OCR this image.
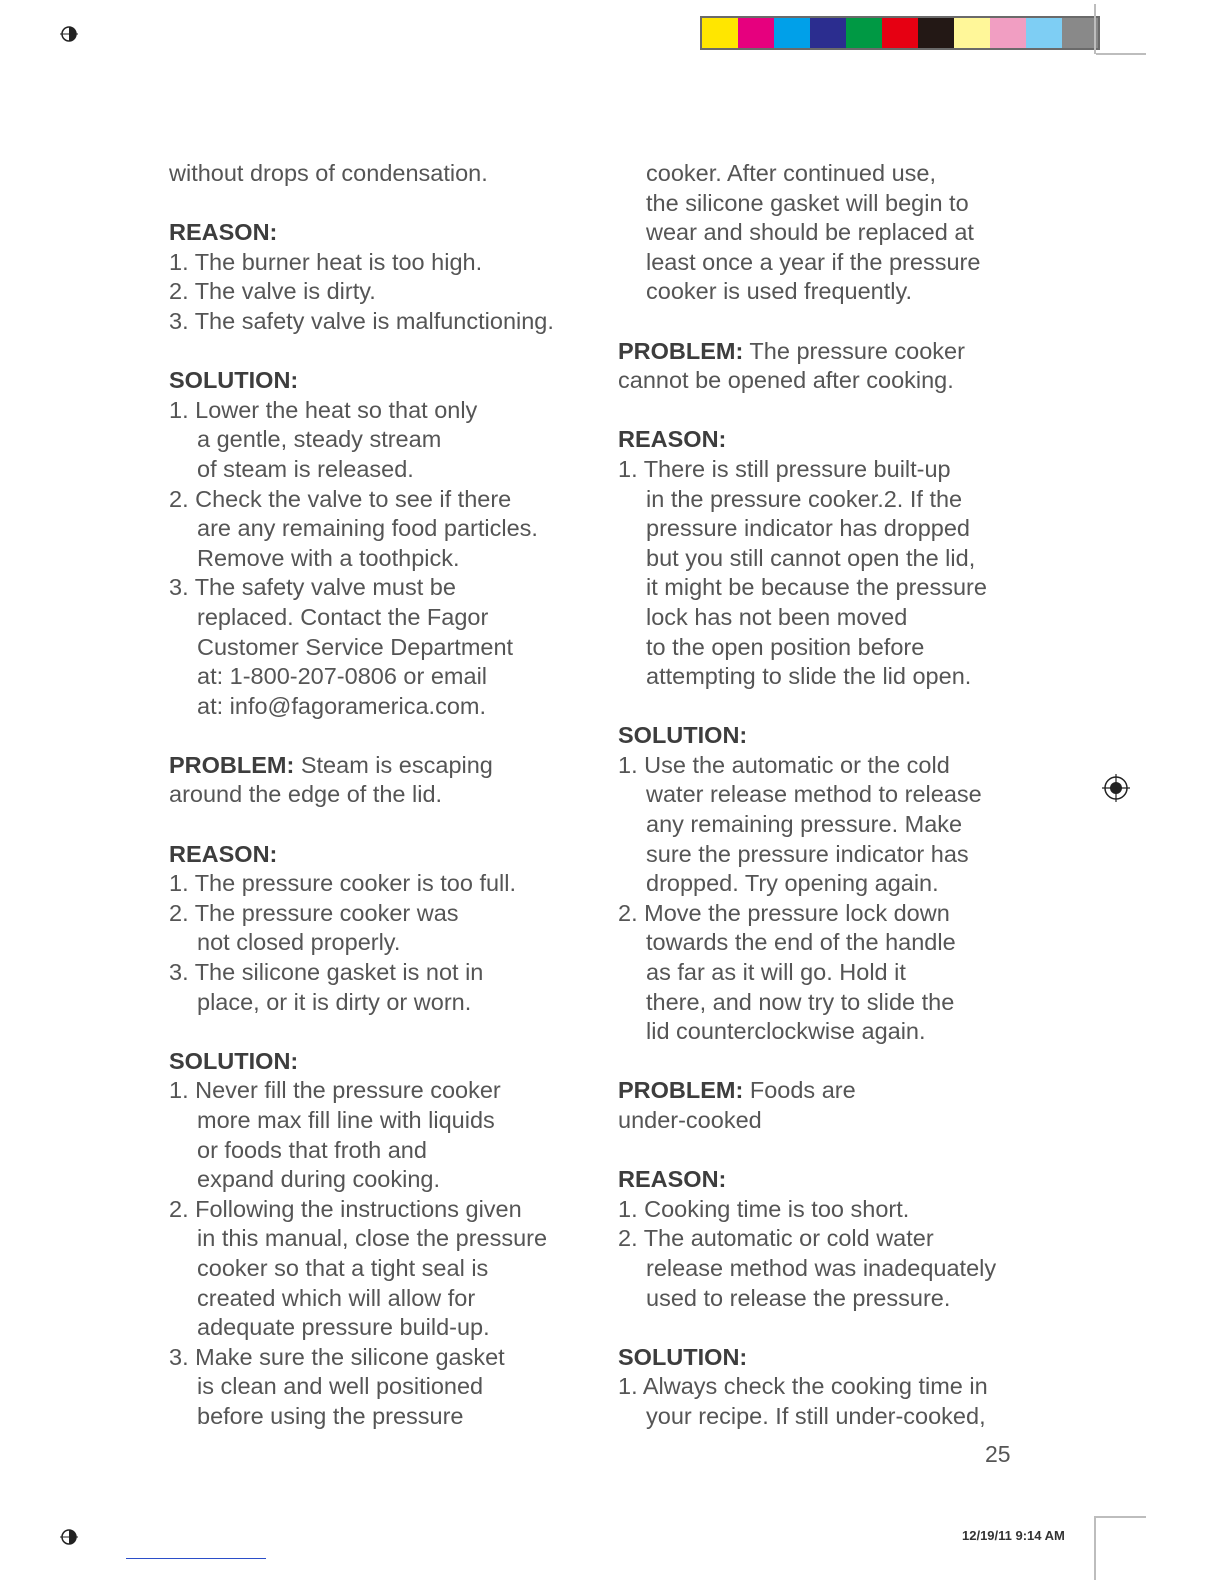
without drops of condensation.
REASON:
1. The burner heat is too high.
2. The valve is dirty.
3. The safety valve is malfunctioning.
SOLUTION:
1. Lower the heat so that only
a gentle, steady stream
of steam is released.
2. Check the valve to see if there
are any remaining food particles.
Remove with a toothpick.
3. The safety valve must be
replaced. Contact the Fagor
Customer Service Department
at: 1-800-207-0806 or email
at: info@fagoramerica.com.
PROBLEM: Steam is escaping
around the edge of the lid.
REASON:
1. The pressure cooker is too full.
2. The pressure cooker was
not closed properly.
3. The silicone gasket is not in
place, or it is dirty or worn.
SOLUTION:
1. Never fill the pressure cooker
more max fill line with liquids
or foods that froth and
expand during cooking.
2. Following the instructions given
in this manual, close the pressure
cooker so that a tight seal is
created which will allow for
adequate pressure build-up.
3. Make sure the silicone gasket
is clean and well positioned
before using the pressure
cooker. After continued use,
the silicone gasket will begin to
wear and should be replaced at
least once a year if the pressure
cooker is used frequently.
PROBLEM: The pressure cooker
cannot be opened after cooking.
REASON:
1. There is still pressure built-up
in the pressure cooker.2. If the
pressure indicator has dropped
but you still cannot open the lid,
it might be because the pressure
lock has not been moved
to the open position before
attempting to slide the lid open.
SOLUTION:
1. Use the automatic or the cold
water release method to release
any remaining pressure. Make
sure the pressure indicator has
dropped. Try opening again.
2. Move the pressure lock down
towards the end of the handle
as far as it will go. Hold it
there, and now try to slide the
lid counterclockwise again.
PROBLEM: Foods are
under-cooked
REASON:
1. Cooking time is too short.
2. The automatic or cold water
release method was inadequately
used to release the pressure.
SOLUTION:
1. Always check the cooking time in
your recipe. If still under-cooked,
25
12/19/11 9:14 AM
